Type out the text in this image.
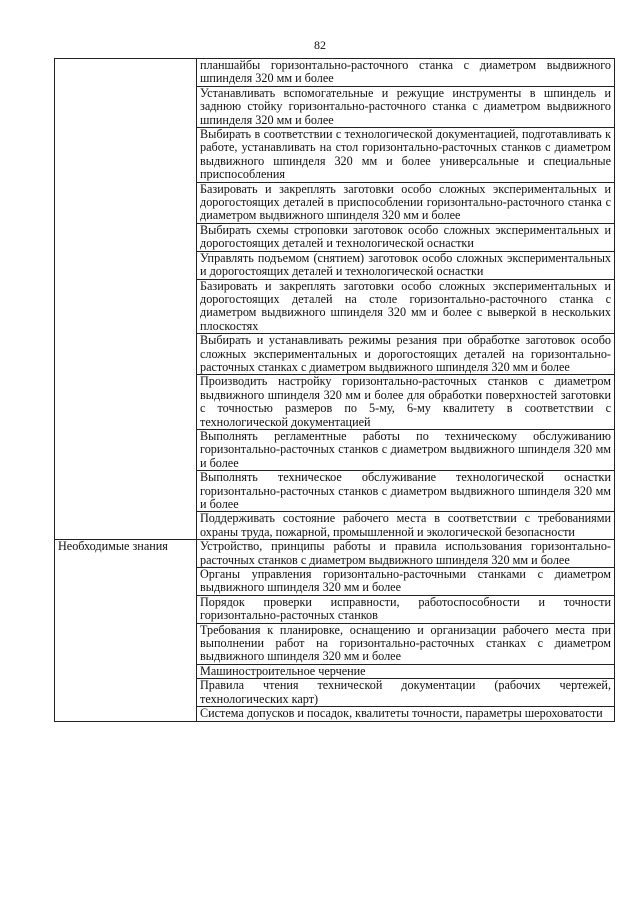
82
	планшайбы горизонтально-расточного станка с диаметром выдвижного шпинделя 320 мм и более
	Устанавливать вспомогательные и режущие инструменты в шпиндель и заднюю стойку горизонтально-расточного станка с диаметром выдвижного шпинделя 320 мм и более
	Выбирать в соответствии с технологической документацией, подготавливать к работе, устанавливать на стол горизонтально-расточных станков с диаметром выдвижного шпинделя 320 мм и более универсальные и специальные приспособления
	Базировать и закреплять заготовки особо сложных экспериментальных и дорогостоящих деталей в приспособлении горизонтально-расточного станка с диаметром выдвижного шпинделя 320 мм и более
	Выбирать схемы строповки заготовок особо сложных экспериментальных и дорогостоящих деталей и технологической оснастки
	Управлять подъемом (снятием) заготовок особо сложных экспериментальных и дорогостоящих деталей и технологической оснастки
	Базировать и закреплять заготовки особо сложных экспериментальных и дорогостоящих деталей на столе горизонтально-расточного станка с диаметром выдвижного шпинделя 320 мм и более с выверкой в нескольких плоскостях
	Выбирать и устанавливать режимы резания при обработке заготовок особо сложных экспериментальных и дорогостоящих деталей на горизонтально-расточных станках с диаметром выдвижного шпинделя 320 мм и более
	Производить настройку горизонтально-расточных станков с диаметром выдвижного шпинделя 320 мм и более для обработки поверхностей заготовки с точностью размеров по 5-му, 6-му квалитету в соответствии с технологической документацией
	Выполнять регламентные работы по техническому обслуживанию горизонтально-расточных станков с диаметром выдвижного шпинделя 320 мм и более
	Выполнять техническое обслуживание технологической оснастки горизонтально-расточных станков с диаметром выдвижного шпинделя 320 мм и более
	Поддерживать состояние рабочего места в соответствии с требованиями охраны труда, пожарной, промышленной и экологической безопасности
Необходимые знания	Устройство, принципы работы и правила использования горизонтально-расточных станков с диаметром выдвижного шпинделя 320 мм и более
	Органы управления горизонтально-расточными станками с диаметром выдвижного шпинделя 320 мм и более
	Порядок проверки исправности, работоспособности и точности горизонтально-расточных станков
	Требования к планировке, оснащению и организации рабочего места при выполнении работ на горизонтально-расточных станках с диаметром выдвижного шпинделя 320 мм и более
	Машиностроительное черчение
	Правила чтения технической документации (рабочих чертежей, технологических карт)
	Система допусков и посадок, квалитеты точности, параметры шероховатости
